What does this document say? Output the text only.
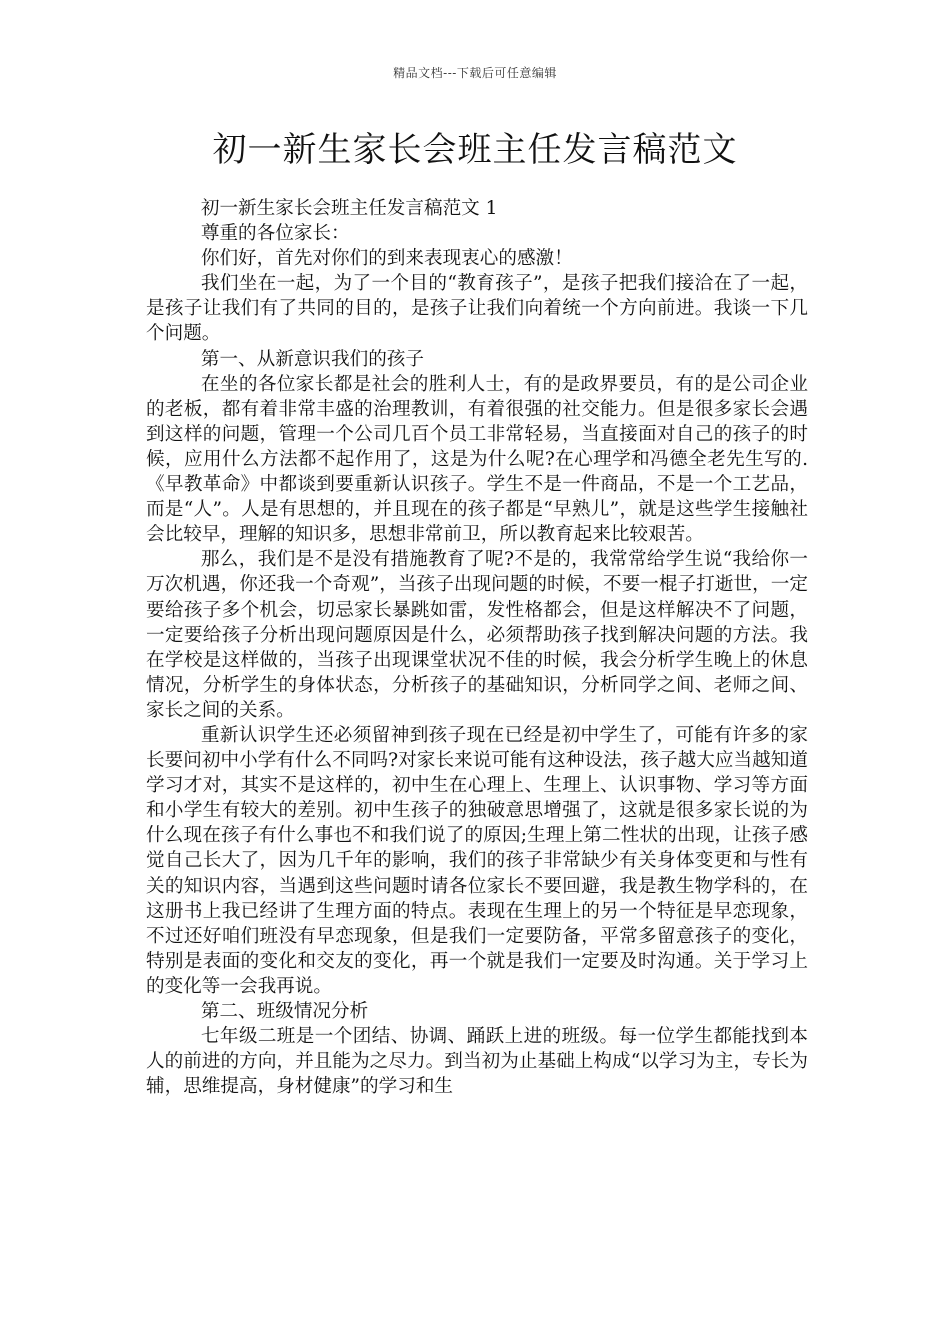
精品文档---下载后可任意编辑
初一新生家长会班主任发言稿范文

初一新生家长会班主任发言稿范文 1

尊重的各位家长：

你们好，首先对你们的到来表现衷心的感激！

我们坐在一起，为了一个目的“教育孩子”，是孩子把我们接洽在了一起，是孩子让我们有了共同的目的，是孩子让我们向着统一个方向前进。我谈一下几个问题。

第一、从新意识我们的孩子

在坐的各位家长都是社会的胜利人士，有的是政界要员，有的是公司企业的老板，都有着非常丰盛的治理教训，有着很强的社交能力。但是很多家长会遇到这样的问题，管理一个公司几百个员工非常轻易，当直接面对自己的孩子的时候，应用什么方法都不起作用了，这是为什么呢?在心理学和冯德全老先生写的.《早教革命》中都谈到要重新认识孩子。学生不是一件商品，不是一个工艺品，而是“人”。人是有思想的，并且现在的孩子都是“早熟儿”，就是这些学生接触社会比较早，理解的知识多，思想非常前卫，所以教育起来比较艰苦。

那么，我们是不是没有措施教育了呢?不是的，我常常给学生说“我给你一万次机遇，你还我一个奇观”，当孩子出现问题的时候，不要一棍子打逝世，一定要给孩子多个机会，切忌家长暴跳如雷，发性格都会，但是这样解决不了问题，一定要给孩子分析出现问题原因是什么，必须帮助孩子找到解决问题的方法。我在学校是这样做的，当孩子出现课堂状况不佳的时候，我会分析学生晚上的休息情况，分析学生的身体状态，分析孩子的基础知识，分析同学之间、老师之间、家长之间的关系。

重新认识学生还必须留神到孩子现在已经是初中学生了，可能有许多的家长要问初中小学有什么不同吗?对家长来说可能有这种设法，孩子越大应当越知道学习才对，其实不是这样的，初中生在心理上、生理上、认识事物、学习等方面和小学生有较大的差别。初中生孩子的独破意思增强了，这就是很多家长说的为什么现在孩子有什么事也不和我们说了的原因;生理上第二性状的出现，让孩子感觉自己长大了，因为几千年的影响，我们的孩子非常缺少有关身体变更和与性有关的知识内容，当遇到这些问题时请各位家长不要回避，我是教生物学科的，在这册书上我已经讲了生理方面的特点。表现在生理上的另一个特征是早恋现象，不过还好咱们班没有早恋现象，但是我们一定要防备，平常多留意孩子的变化，特别是表面的变化和交友的变化，再一个就是我们一定要及时沟通。关于学习上的变化等一会我再说。

第二、班级情况分析

七年级二班是一个团结、协调、踊跃上进的班级。每一位学生都能找到本人的前进的方向，并且能为之尽力。到当初为止基础上构成“以学习为主，专长为辅，思维提高，身材健康”的学习和生
